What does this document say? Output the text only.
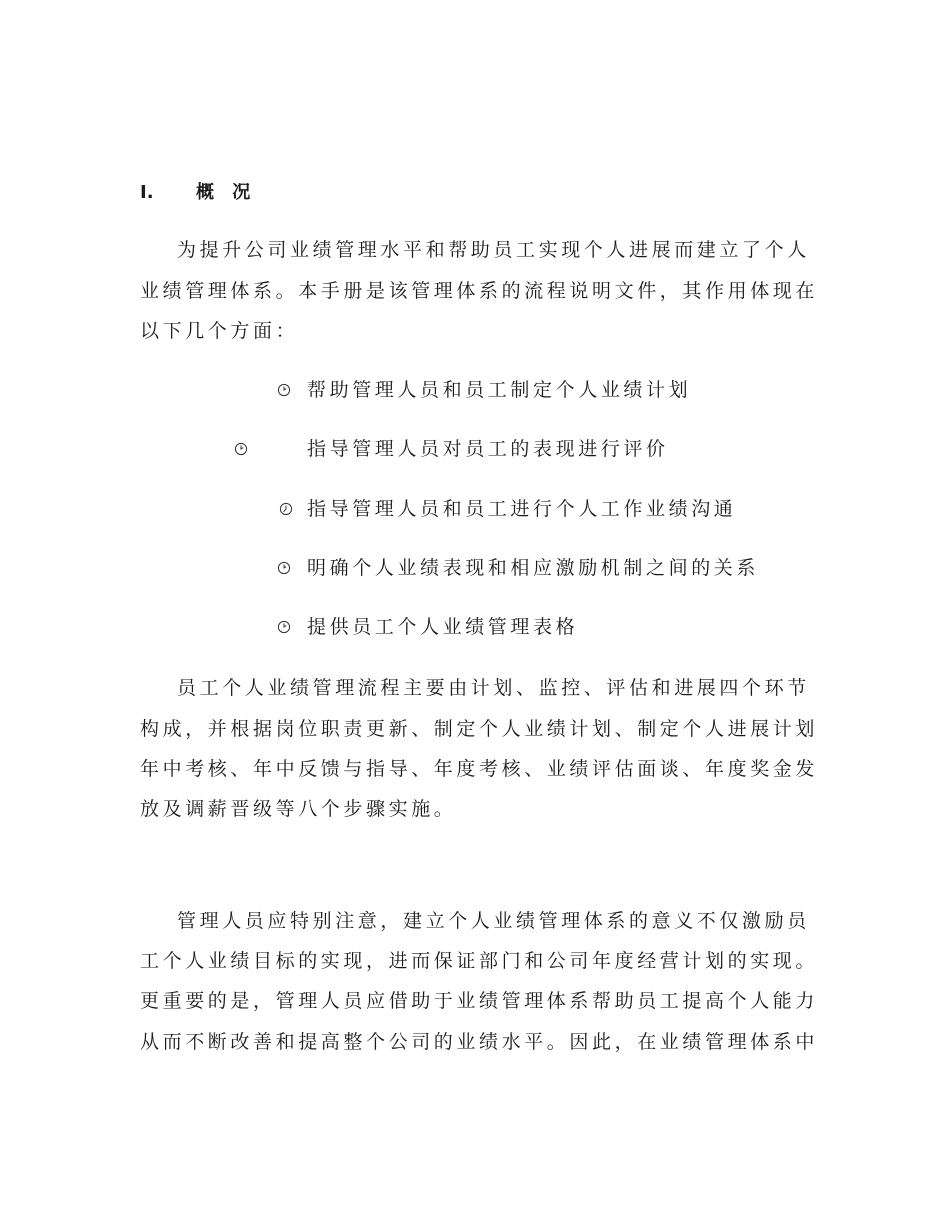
I. 概 况
为提升公司业绩管理水平和帮助员工实现个人进展而建立了个人
业绩管理体系。本手册是该管理体系的流程说明文件，其作用体现在
以下几个方面：
帮助管理人员和员工制定个人业绩计划
指导管理人员对员工的表现进行评价
指导管理人员和员工进行个人工作业绩沟通
明确个人业绩表现和相应激励机制之间的关系
提供员工个人业绩管理表格
员工个人业绩管理流程主要由计划、监控、评估和进展四个环节
构成，并根据岗位职责更新、制定个人业绩计划、制定个人进展计划
年中考核、年中反馈与指导、年度考核、业绩评估面谈、年度奖金发
放及调薪晋级等八个步骤实施。
管理人员应特别注意，建立个人业绩管理体系的意义不仅激励员
工个人业绩目标的实现，进而保证部门和公司年度经营计划的实现。
更重要的是，管理人员应借助于业绩管理体系帮助员工提高个人能力
从而不断改善和提高整个公司的业绩水平。因此，在业绩管理体系中
